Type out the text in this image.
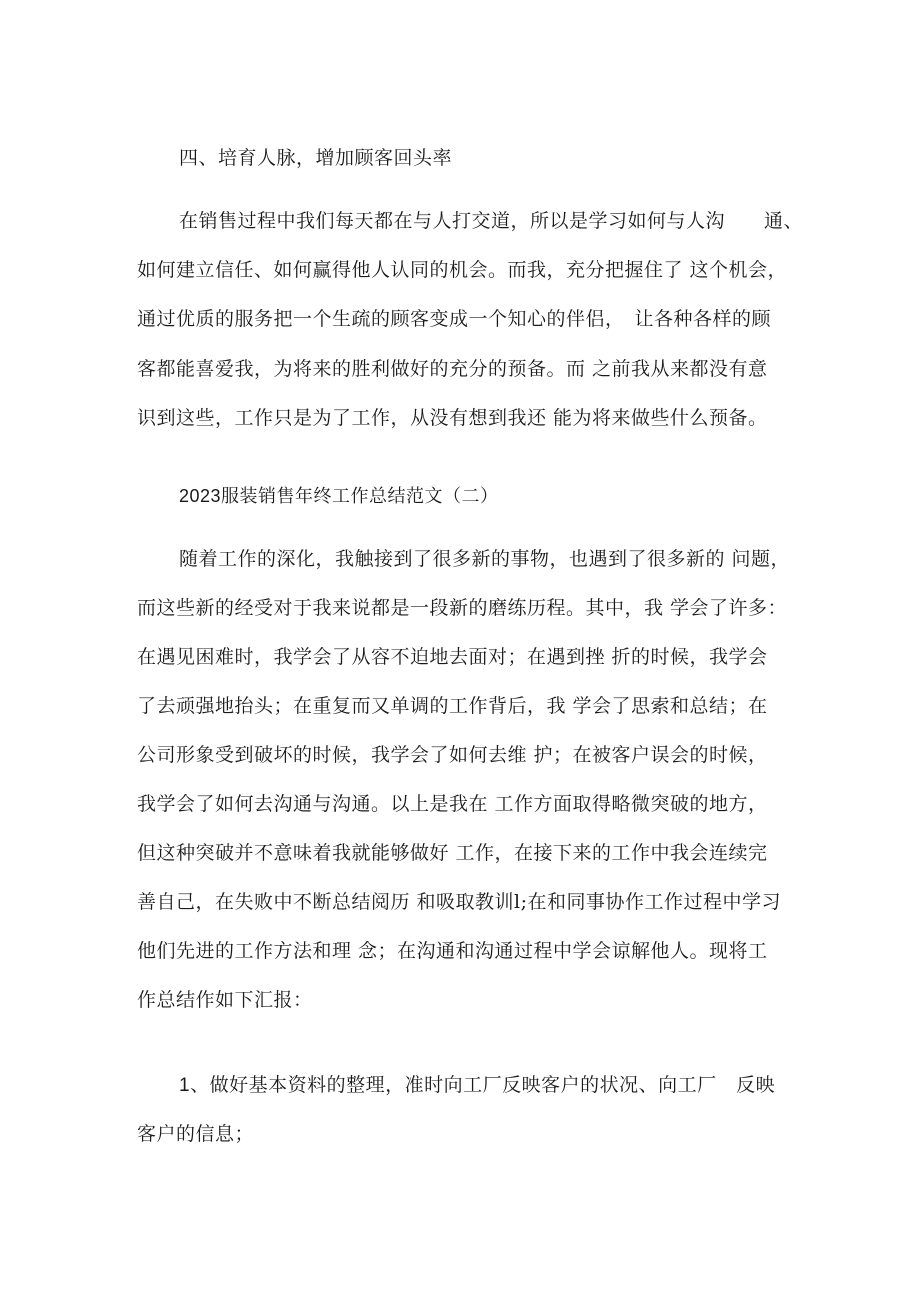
四、培育人脉，增加顾客回头率
在销售过程中我们每天都在与人打交道，所以是学习如何与人沟　　通、
如何建立信任、如何赢得他人认同的机会。而我，充分把握住了 这个机会，
通过优质的服务把一个生疏的顾客变成一个知心的伴侣，　让各种各样的顾
客都能喜爱我，为将来的胜利做好的充分的预备。而 之前我从来都没有意
识到这些，工作只是为了工作，从没有想到我还 能为将来做些什么预备。
2023服装销售年终工作总结范文（二）
随着工作的深化，我触接到了很多新的事物，也遇到了很多新的 问题，
而这些新的经受对于我来说都是一段新的磨练历程。其中，我 学会了许多：
在遇见困难时，我学会了从容不迫地去面对；在遇到挫 折的时候，我学会
了去顽强地抬头；在重复而又单调的工作背后，我 学会了思索和总结；在
公司形象受到破坏的时候，我学会了如何去维 护；在被客户误会的时候，
我学会了如何去沟通与沟通。以上是我在 工作方面取得略微突破的地方，
但这种突破并不意味着我就能够做好 工作，在接下来的工作中我会连续完
善自己，在失败中不断总结阅历 和吸取教训l;在和同事协作工作过程中学习
他们先进的工作方法和理 念；在沟通和沟通过程中学会谅解他人。现将工
作总结作如下汇报：
1、做好基本资料的整理，准时向工厂反映客户的状况、向工厂　反映
客户的信息；
